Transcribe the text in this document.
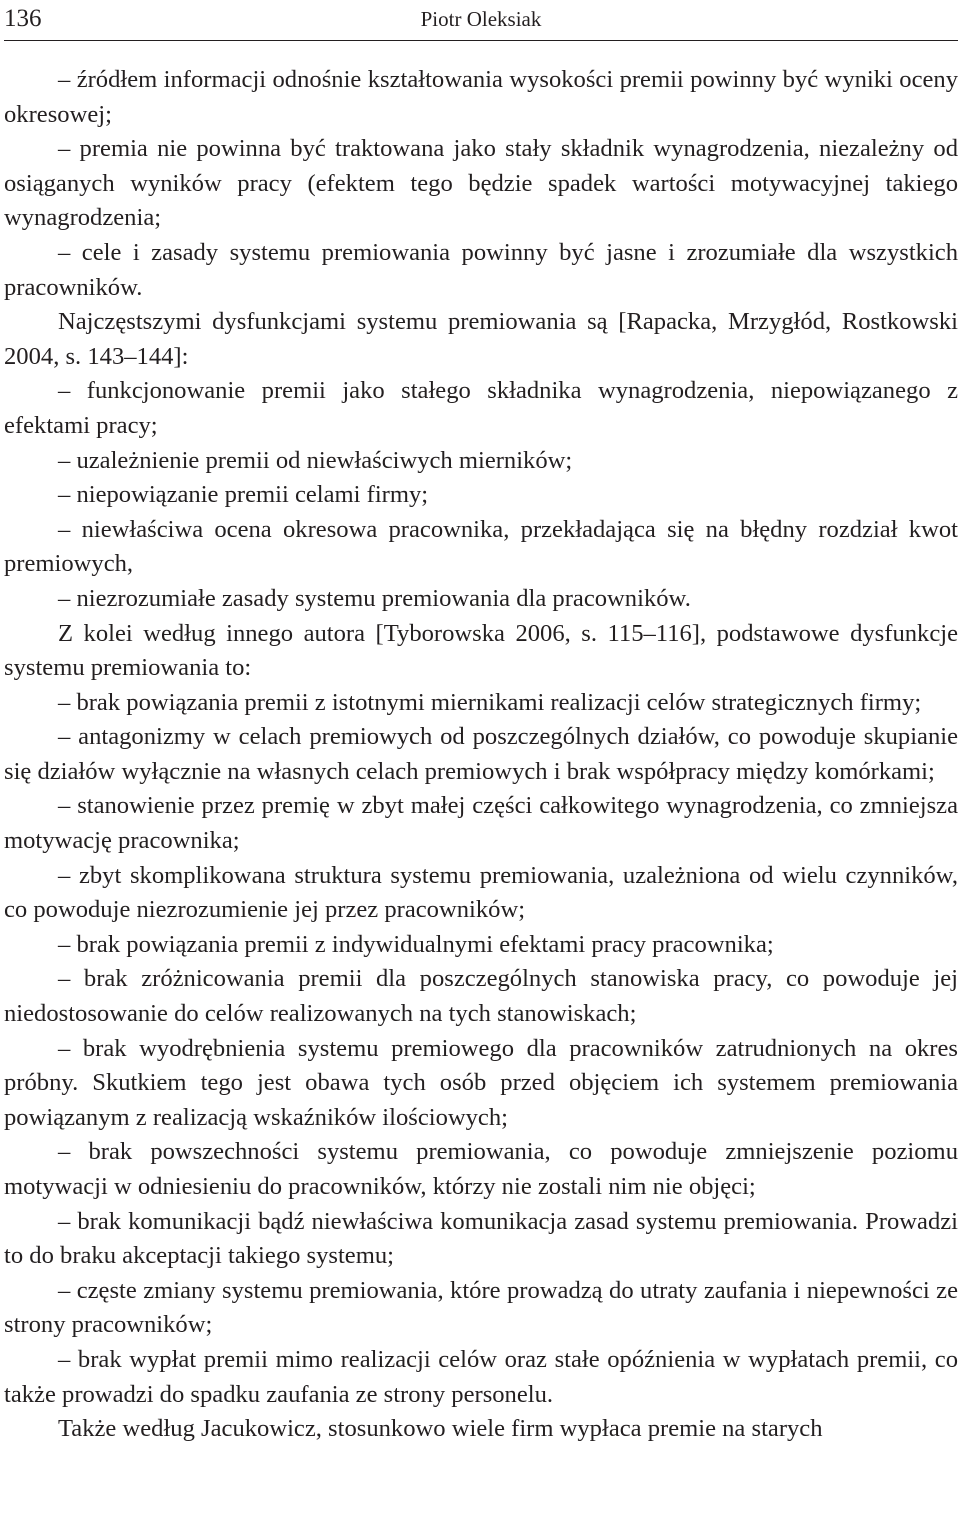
136	Piotr Oleksiak

– źródłem informacji odnośnie kształtowania wysokości premii powinny być wyniki oceny okresowej;

– premia nie powinna być traktowana jako stały składnik wynagrodzenia, niezależny od osiąganych wyników pracy (efektem tego będzie spadek wartości motywacyjnej takiego wynagrodzenia;

– cele i zasady systemu premiowania powinny być jasne i zrozumiałe dla wszystkich pracowników.

Najczęstszymi dysfunkcjami systemu premiowania są [Rapacka, Mrzygłód, Rostkowski 2004, s. 143–144]:

– funkcjonowanie premii jako stałego składnika wynagrodzenia, niepowiązanego z efektami pracy;

– uzależnienie premii od niewłaściwych mierników;

– niepowiązanie premii celami firmy;

– niewłaściwa ocena okresowa pracownika, przekładająca się na błędny rozdział kwot premiowych,

– niezrozumiałe zasady systemu premiowania dla pracowników.

Z kolei według innego autora [Tyborowska 2006, s. 115–116], podstawowe dysfunkcje systemu premiowania to:

– brak powiązania premii z istotnymi miernikami realizacji celów strategicznych firmy;

– antagonizmy w celach premiowych od poszczególnych działów, co powoduje skupianie się działów wyłącznie na własnych celach premiowych i brak współpracy między komórkami;

– stanowienie przez premię w zbyt małej części całkowitego wynagrodzenia, co zmniejsza motywację pracownika;

– zbyt skomplikowana struktura systemu premiowania, uzależniona od wielu czynników, co powoduje niezrozumienie jej przez pracowników;

– brak powiązania premii z indywidualnymi efektami pracy pracownika;

– brak zróżnicowania premii dla poszczególnych stanowiska pracy, co powoduje jej niedostosowanie do celów realizowanych na tych stanowiskach;

– brak wyodrębnienia systemu premiowego dla pracowników zatrudnionych na okres próbny. Skutkiem tego jest obawa tych osób przed objęciem ich systemem premiowania powiązanym z realizacją wskaźników ilościowych;

– brak powszechności systemu premiowania, co powoduje zmniejszenie poziomu motywacji w odniesieniu do pracowników, którzy nie zostali nim nie objęci;

– brak komunikacji bądź niewłaściwa komunikacja zasad systemu premiowania. Prowadzi to do braku akceptacji takiego systemu;

– częste zmiany systemu premiowania, które prowadzą do utraty zaufania i niepewności ze strony pracowników;

– brak wypłat premii mimo realizacji celów oraz stałe opóźnienia w wypłatach premii, co także prowadzi do spadku zaufania ze strony personelu.

Także według Jacukowicz, stosunkowo wiele firm wypłaca premie na starych
